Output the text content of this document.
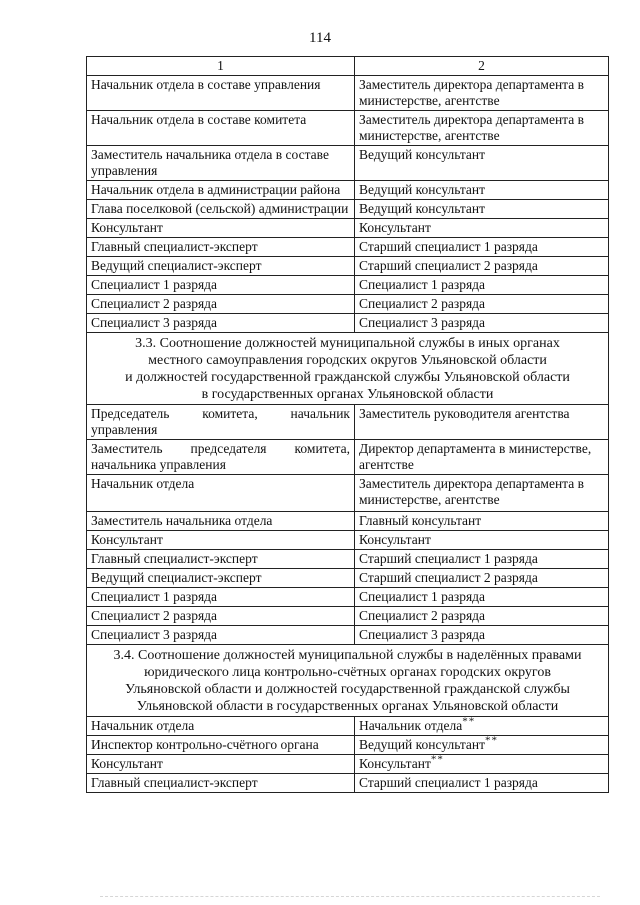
114
1	2
Начальник отдела в составе управления	Заместитель директора департамента в министерстве, агентстве
Начальник отдела в составе комитета	Заместитель директора департамента в министерстве, агентстве
Заместитель начальника отдела в составе управления	Ведущий консультант
Начальник отдела в администрации района	Ведущий консультант
Глава поселковой (сельской) администрации	Ведущий консультант
Консультант	Консультант
Главный специалист-эксперт	Старший специалист 1 разряда
Ведущий специалист-эксперт	Старший специалист 2 разряда
Специалист 1 разряда	Специалист 1 разряда
Специалист 2 разряда	Специалист 2 разряда
Специалист 3 разряда	Специалист 3 разряда

3.3. Соотношение должностей муниципальной службы в иных органах
местного самоуправления городских округов Ульяновской области
и должностей государственной гражданской службы Ульяновской области
в государственных органах Ульяновской области	

Председатель комитета, начальник управления	Заместитель руководителя агентства
Заместитель председателя комитета, начальника управления	Директор департамента в министерстве, агентстве
Начальник отдела	Заместитель директора департамента в министерстве, агентстве
Заместитель начальника отдела	Главный консультант
Консультант	Консультант
Главный специалист-эксперт	Старший специалист 1 разряда
Ведущий специалист-эксперт	Старший специалист 2 разряда
Специалист 1 разряда	Специалист 1 разряда
Специалист 2 разряда	Специалист 2 разряда
Специалист 3 разряда	Специалист 3 разряда

3.4. Соотношение должностей муниципальной службы в наделённых правами
юридического лица контрольно-счётных органах городских округов
Ульяновской области и должностей государственной гражданской службы
Ульяновской области в государственных органах Ульяновской области	

Начальник отдела	Начальник отдела**
Инспектор контрольно-счётного органа	Ведущий консультант**
Консультант	Консультант**
Главный специалист-эксперт	Старший специалист 1 разряда
